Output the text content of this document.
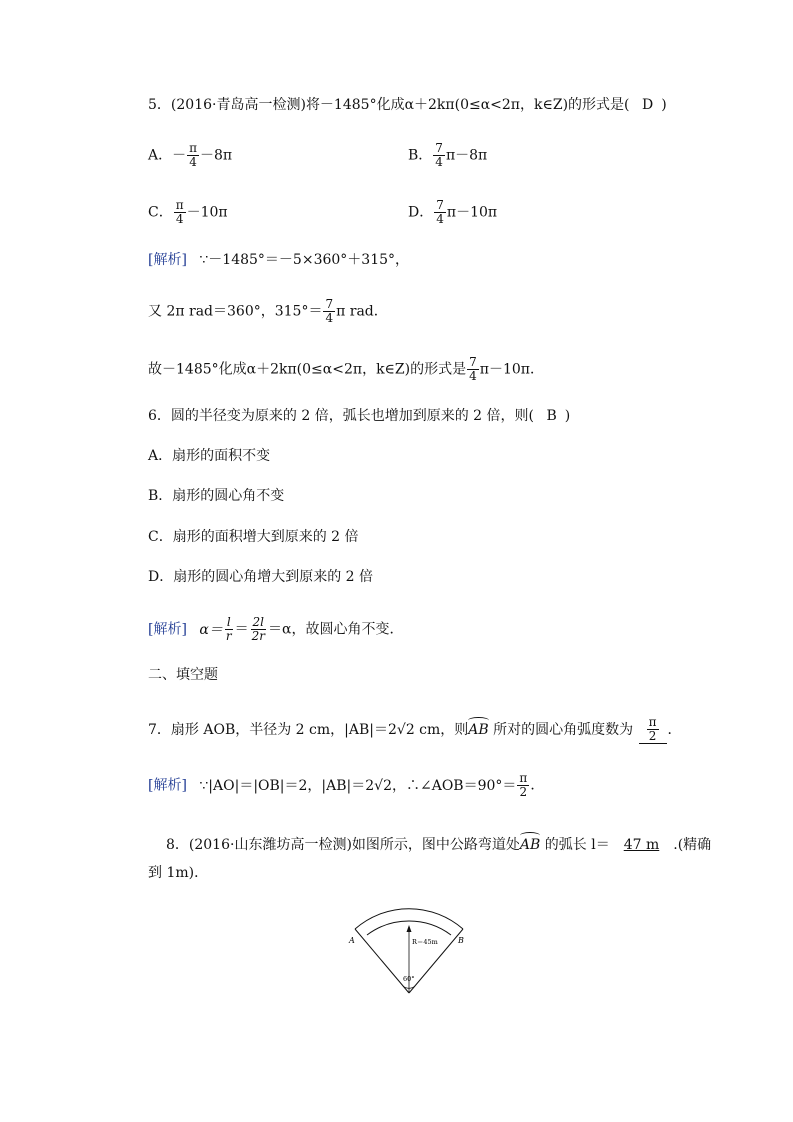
5．(2016·青岛高一检测)将－1485°化成α＋2kπ(0≤α<2π，k∈Z)的形式是( D )
A．－ $\frac{\pi}{4} -8\pi$	B． $\frac{7}{4} \pi-8\pi$
C． $\frac{\pi}{4} -10\pi$	D． $\frac{7}{4} \pi-10\pi$
[解析] ∵－1485°＝－5×360°＋315°，
又 2π rad＝360°，$315^\circ= \frac{7}{4}$ π rad．
故－1485°化成α＋2kπ(0≤α<2π，k∈Z)的形式是 $\frac{7}{4} \pi-10\pi$．
6．圆的半径变为原来的 2 倍，弧长也增加到原来的 2 倍，则( B )
A．扇形的面积不变
B．扇形的圆心角不变
C．扇形的面积增大到原来的 2 倍
D．扇形的圆心角增大到原来的 2 倍
[解析] $\alpha= \frac{l}{r} = \frac{2l}{2r} =\alpha$，故圆心角不变．
二、填空题
7．扇形 AOB，半径为 2 cm，|AB|＝2√2 cm，则AB 所对的圆心角弧度数为 $\frac{\pi}{2}$ ．
[解析] ∵|AO|＝|OB|＝2，|AB|＝2√2，∴∠AOB＝90°＝ $\frac{\pi}{2}$ ．
8．(2016·山东潍坊高一检测)如图所示，图中公路弯道处AB 的弧长 l＝ 47 m .(精确
到 1m)．
A	B
R＝45m
60°
